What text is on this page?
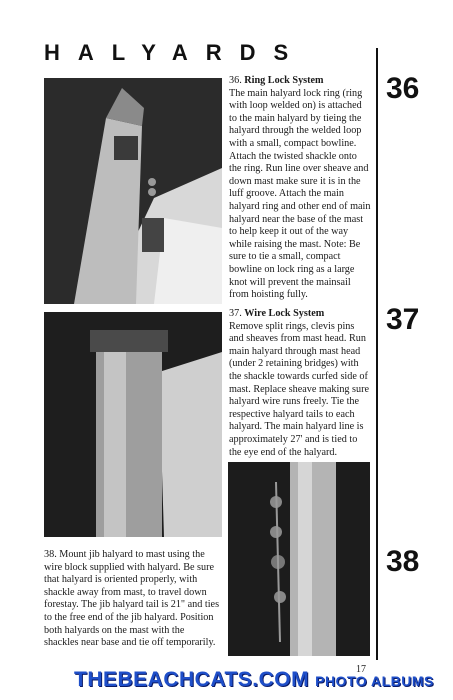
HALYARDS
36
37
38
36. Ring Lock System
The main halyard lock ring (ring with loop welded on) is attached to the main halyard by tieing the halyard through the welded loop with a small, compact bowline. Attach the twisted shackle onto the ring. Run line over sheave and down mast make sure it is in the luff groove. Attach the main halyard ring and other end of main halyard near the base of the mast to help keep it out of the way while raising the mast. Note: Be sure to tie a small, compact bowline on lock ring as a large knot will prevent the mainsail from hoisting fully.
37. Wire Lock System
Remove split rings, clevis pins and sheaves from mast head. Run main halyard through mast head (under 2 retaining bridges) with the shackle towards curfed side of mast. Replace sheave making sure halyard wire runs freely. Tie the respective halyard tails to each halyard. The main halyard line is approximately 27' and is tied to the eye end of the halyard.
38. Mount jib halyard to mast using the wire block supplied with halyard. Be sure that halyard is oriented properly, with shackle away from mast, to travel down forestay. The jib halyard tail is 21" and ties to the free end of the jib halyard. Position both halyards on the mast with the shackles near base and tie off temporarily.
17
THEBEACHCATS.COM PHOTO ALBUMS
